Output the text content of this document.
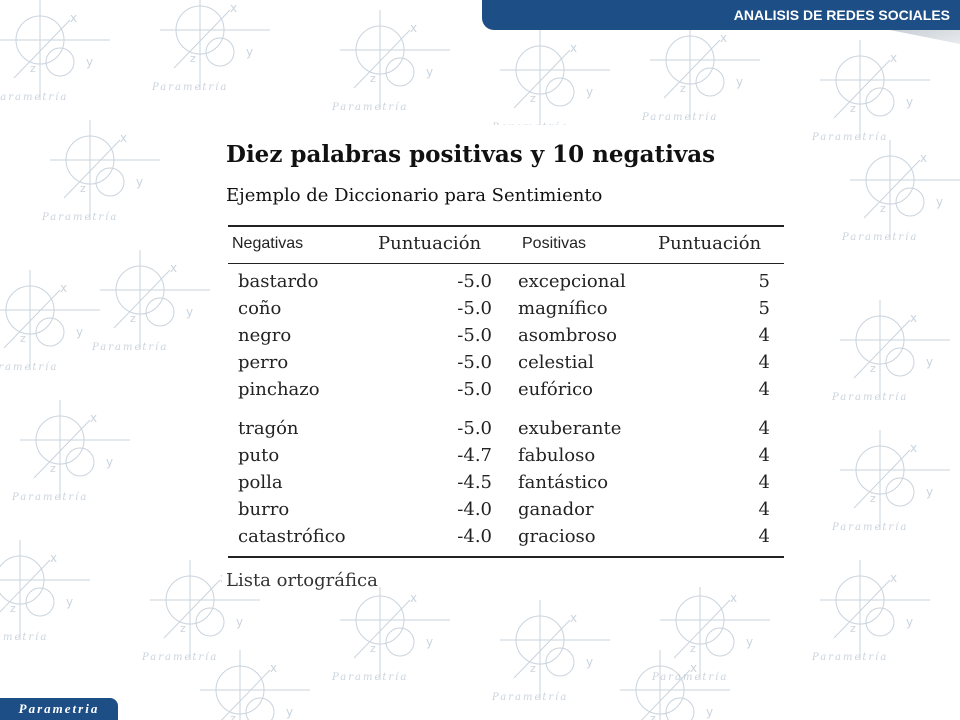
ANALISIS DE REDES SOCIALES
Diez palabras positivas y 10 negativas
Ejemplo de Diccionario para Sentimiento
Negativas	Puntuación	Positivas	Puntuación
bastardo	-5.0 excepcional	5
coño	-5.0 magnífico	5
negro	-5.0 asombroso	4
perro	-5.0 celestial	4
pinchazo	-5.0 eufórico	4
tragón	-5.0 exuberante	4
puto	-4.7 fabuloso	4
polla	-4.5 fantástico	4
burro	-4.0 ganador	4
catastrófico	-4.0 gracioso	4
Lista ortográfica
Parametria
